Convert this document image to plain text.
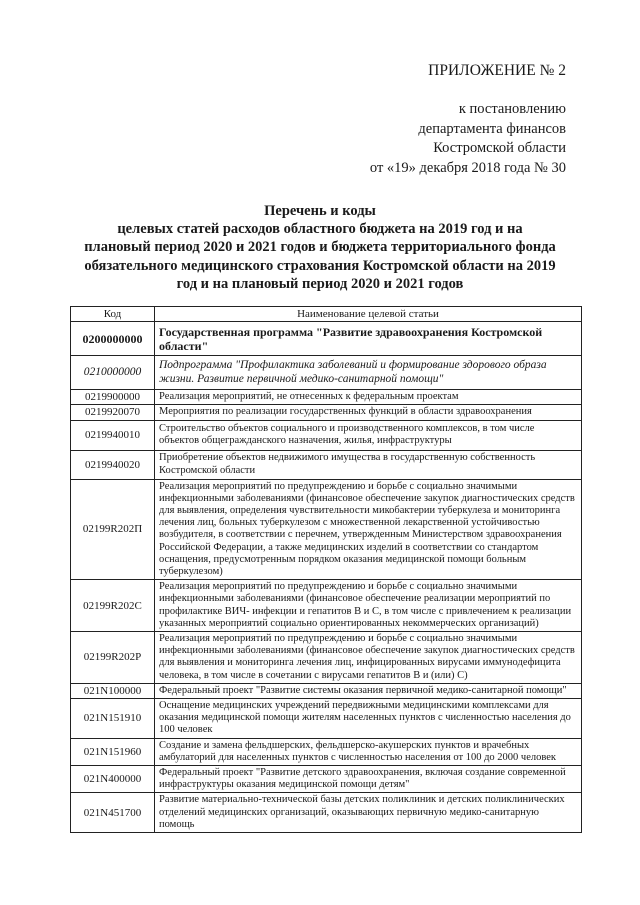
ПРИЛОЖЕНИЕ № 2
к постановлению
департамента финансов
Костромской области
от «19» декабря 2018 года № 30
Перечень и коды
целевых статей расходов областного бюджета на 2019 год и на
плановый период 2020 и 2021 годов и бюджета территориального фонда
обязательного медицинского страхования Костромской области на 2019
год и на плановый период 2020 и 2021 годов
Код	Наименование целевой статьи
0200000000	Государственная программа "Развитие здравоохранения Костромской области"
0210000000	Подпрограмма "Профилактика заболеваний и формирование здорового образа жизни. Развитие первичной медико-санитарной помощи"
0219900000	Реализация мероприятий, не отнесенных к федеральным проектам
0219920070	Мероприятия по реализации государственных функций в области здравоохранения
0219940010	Строительство объектов социального и производственного комплексов, в том числе объектов общегражданского назначения, жилья, инфраструктуры
0219940020	Приобретение объектов недвижимого имущества в государственную собственность Костромской области
02199R202П	Реализация мероприятий по предупреждению и борьбе с социально значимыми инфекционными заболеваниями (финансовое обеспечение закупок диагностических средств для выявления, определения чувствительности микобактерии туберкулеза и мониторинга лечения лиц, больных туберкулезом с множественной лекарственной устойчивостью возбудителя, в соответствии с перечнем, утвержденным Министерством здравоохранения Российской Федерации, а также медицинских изделий в соответствии со стандартом оснащения, предусмотренным порядком оказания медицинской помощи больным туберкулезом)
02199R202С	Реализация мероприятий по предупреждению и борьбе с социально значимыми инфекционными заболеваниями (финансовое обеспечение реализации мероприятий по профилактике ВИЧ- инфекции и гепатитов В и С, в том числе с привлечением к реализации указанных мероприятий социально ориентированных некоммерческих организаций)
02199R202Р	Реализация мероприятий по предупреждению и борьбе с социально значимыми инфекционными заболеваниями (финансовое обеспечение закупок диагностических средств для выявления и мониторинга лечения лиц, инфицированных вирусами иммунодефицита человека, в том числе в сочетании с вирусами гепатитов В и (или) С)
021N100000	Федеральный проект "Развитие системы оказания первичной медико-санитарной помощи"
021N151910	Оснащение медицинских учреждений передвижными медицинскими комплексами для оказания медицинской помощи жителям населенных пунктов с численностью населения до 100 человек
021N151960	Создание и замена фельдшерских, фельдшерско-акушерских пунктов и врачебных амбулаторий для населенных пунктов с численностью населения от 100 до 2000 человек
021N400000	Федеральный проект "Развитие детского здравоохранения, включая создание современной инфраструктуры оказания медицинской помощи детям"
021N451700	Развитие материально-технической базы детских поликлиник и детских поликлинических отделений медицинских организаций, оказывающих первичную медико-санитарную помощь
